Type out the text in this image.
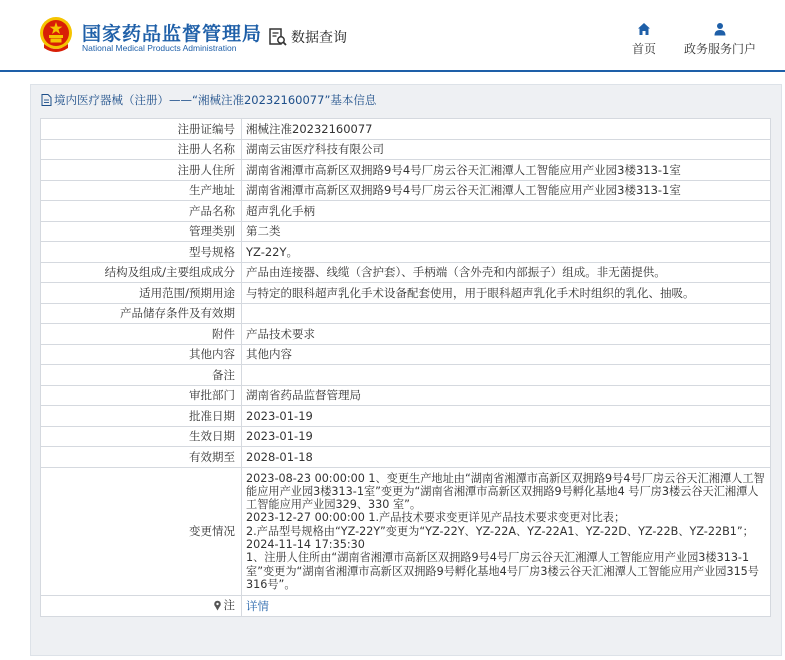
国家药品监督管理局
National Medical Products Administration
数据查询
首页 政务服务门户
境内医疗器械（注册）——“湘械注准20232160077”基本信息
注册证编号	湘械注准20232160077
注册人名称	湖南云宙医疗科技有限公司
注册人住所	湖南省湘潭市高新区双拥路9号4号厂房云谷天汇湘潭人工智能应用产业园3楼313-1室
生产地址	湖南省湘潭市高新区双拥路9号4号厂房云谷天汇湘潭人工智能应用产业园3楼313-1室
产品名称	超声乳化手柄
管理类别	第二类
型号规格	YZ-22Y。
结构及组成/主要组成成分	产品由连接器、线缆（含护套）、手柄端（含外壳和内部振子）组成。非无菌提供。
适用范围/预期用途	与特定的眼科超声乳化手术设备配套使用，用于眼科超声乳化手术时组织的乳化、抽吸。
产品储存条件及有效期	
附件	产品技术要求
其他内容	其他内容
备注	
审批部门	湖南省药品监督管理局
批准日期	2023-01-19
生效日期	2023-01-19
有效期至	2028-01-18
变更情况	2023-08-23 00:00:00 1、变更生产地址由“湖南省湘潭市高新区双拥路9号4号厂房云谷天汇湘潭人工智能应用产业园3楼313-1室”变更为“湖南省湘潭市高新区双拥路9号孵化基地4 号厂房3楼云谷天汇湘潭人工智能应用产业园329、330 室”。
2023-12-27 00:00:00 1.产品技术要求变更详见产品技术要求变更对比表；
2.产品型号规格由“YZ-22Y”变更为“YZ-22Y、YZ-22A、YZ-22A1、YZ-22D、YZ-22B、YZ-22B1”；
2024-11-14 17:35:30
1、注册人住所由“湖南省湘潭市高新区双拥路9号4号厂房云谷天汇湘潭人工智能应用产业园3楼313-1室”变更为“湖南省湘潭市高新区双拥路9号孵化基地4号厂房3楼云谷天汇湘潭人工智能应用产业园315号316号”。

注	详情
